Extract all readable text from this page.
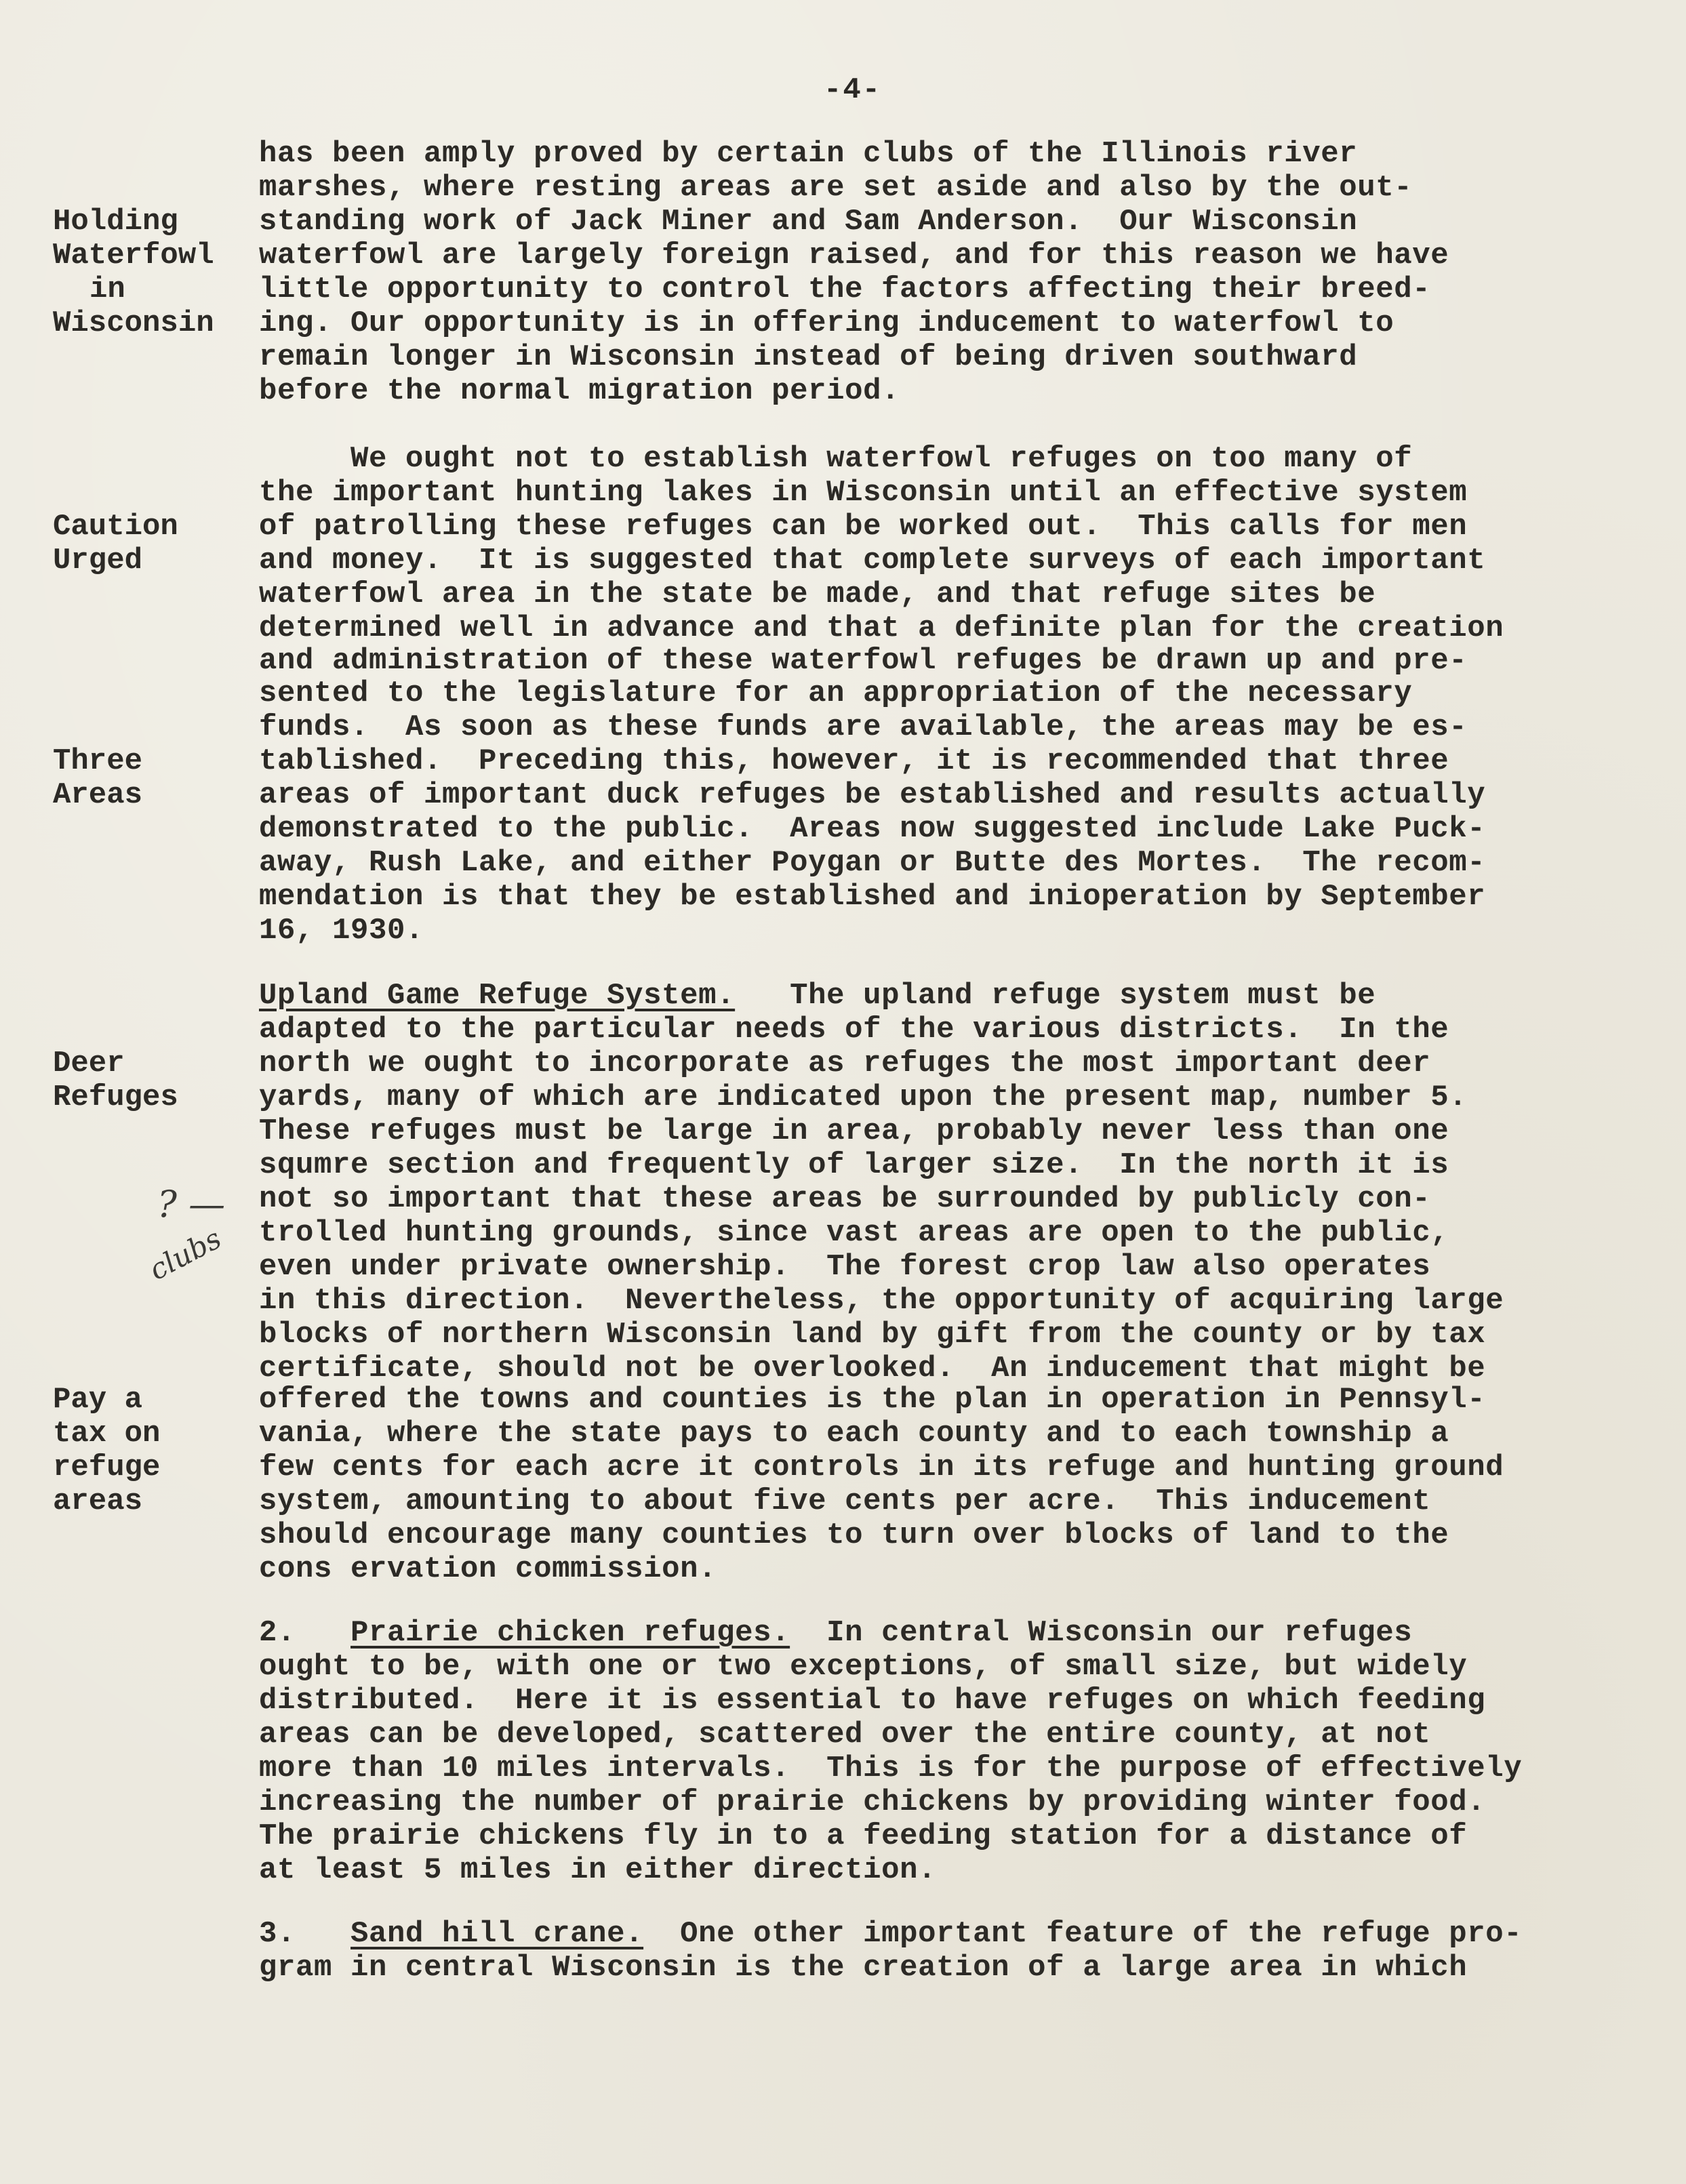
-4-
Holding
Waterfowl
in
Wisconsin
Caution
Urged
Three
Areas
Deer
Refuges
Pay a
tax on
refuge
areas
? —
clubs
has been amply proved by certain clubs of the Illinois river
marshes, where resting areas are set aside and also by the out-
standing work of Jack Miner and Sam Anderson.  Our Wisconsin
waterfowl are largely foreign raised, and for this reason we have
little opportunity to control the factors affecting their breed-
ing. Our opportunity is in offering inducement to waterfowl to
remain longer in Wisconsin instead of being driven southward
before the normal migration period.
We ought not to establish waterfowl refuges on too many of
the important hunting lakes in Wisconsin until an effective system
of patrolling these refuges can be worked out.  This calls for men
and money.  It is suggested that complete surveys of each important
waterfowl area in the state be made, and that refuge sites be
determined well in advance and that a definite plan for the creation
and administration of these waterfowl refuges be drawn up and pre-
sented to the legislature for an appropriation of the necessary
funds.  As soon as these funds are available, the areas may be es-
tablished.  Preceding this, however, it is recommended that three
areas of important duck refuges be established and results actually
demonstrated to the public.  Areas now suggested include Lake Puck-
away, Rush Lake, and either Poygan or Butte des Mortes.  The recom-
mendation is that they be established and inioperation by September
16, 1930.
Upland Game Refuge System.   The upland refuge system must be
adapted to the particular needs of the various districts.  In the
north we ought to incorporate as refuges the most important deer
yards, many of which are indicated upon the present map, number 5.
These refuges must be large in area, probably never less than one
squmre section and frequently of larger size.  In the north it is
not so important that these areas be surrounded by publicly con-
trolled hunting grounds, since vast areas are open to the public,
even under private ownership.  The forest crop law also operates
in this direction.  Nevertheless, the opportunity of acquiring large
blocks of northern Wisconsin land by gift from the county or by tax
certificate, should not be overlooked.  An inducement that might be
offered the towns and counties is the plan in operation in Pennsyl-
vania, where the state pays to each county and to each township a
few cents for each acre it controls in its refuge and hunting ground
system, amounting to about five cents per acre.  This inducement
should encourage many counties to turn over blocks of land to the
cons ervation commission.
2.   Prairie chicken refuges.  In central Wisconsin our refuges
ought to be, with one or two exceptions, of small size, but widely
distributed.  Here it is essential to have refuges on which feeding
areas can be developed, scattered over the entire county, at not
more than 10 miles intervals.  This is for the purpose of effectively
increasing the number of prairie chickens by providing winter food.
The prairie chickens fly in to a feeding station for a distance of
at least 5 miles in either direction.
3.   Sand hill crane.  One other important feature of the refuge pro-
gram in central Wisconsin is the creation of a large area in which
